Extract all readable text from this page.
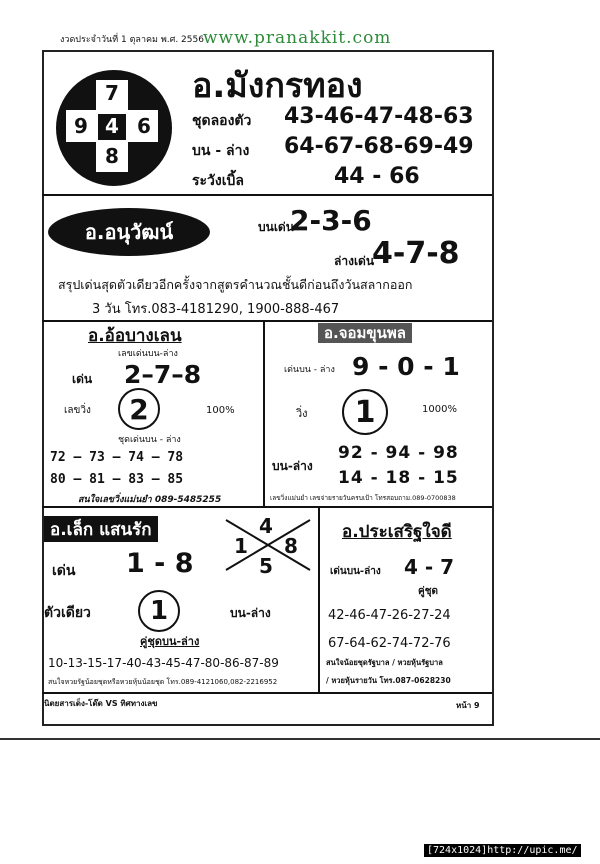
งวดประจำวันที่ 1 ตุลาคม พ.ศ. 2556 www.pranakkit.com
4
7
8
9 6
อ.มังกรทอง
ชุดลองตัว 43-46-47-48-63
บน - ล่าง 64-67-68-69-49
ระวังเบิ้ล	44 - 66
อ.อนุวัฒน์	บนเด่น
2-3-6
ล่างเด่น
4-7-8
สรุปเด่นสุดตัวเดียวอีกครั้งจากสูตรคำนวณชั้นดีก่อนถึงวันสลากออก
3 วัน โทร.083-4181290, 1900-888-467
อ.อ้อบางเลน
เลขเด่นบน-ล่าง
เด่น 2–7–8
เลขวิ่ง 2	100%
ชุดเด่นบน - ล่าง
72 – 73 – 74 – 78
80 – 81 – 83 – 85
สนใจเลขวิ่งแม่นยำ 089-5485255
อ.จอมขุนพล
เด่นบน - ล่าง 9 - 0 - 1
วิ่ง 1	1000%
92 - 94 - 98
บน-ล่าง
14 - 18 - 15
เลขวิ่งแม่นยำ เลขจ่ายรายวันครบเป้า โทรสอบถาม.089-0700838
อ.เล็ก แสนรัก	4
1 8
5
เด่น 1 - 8
ตัวเดียว 1	บน-ล่าง
คู่ชุดบน-ล่าง
10-13-15-17-40-43-45-47-80-86-87-89
สนใจหวยรัฐน้อยชุดหรือหวยหุ้นน้อยชุด โทร.089-4121060,082-2216952
อ.ประเสริฐใจดี
เด่นบน-ล่าง 4 - 7
คู่ชุด
42-46-47-26-27-24
67-64-62-74-72-76
สนใจน้อยชุดรัฐบาล / หวยหุ้นรัฐบาล
/ หวยหุ้นรายวัน โทร.087-0628230
นิตยสารเด็ง-โด๊ด VS ทิศทางเลข	หน้า 9
[724x1024]http://upic.me/
